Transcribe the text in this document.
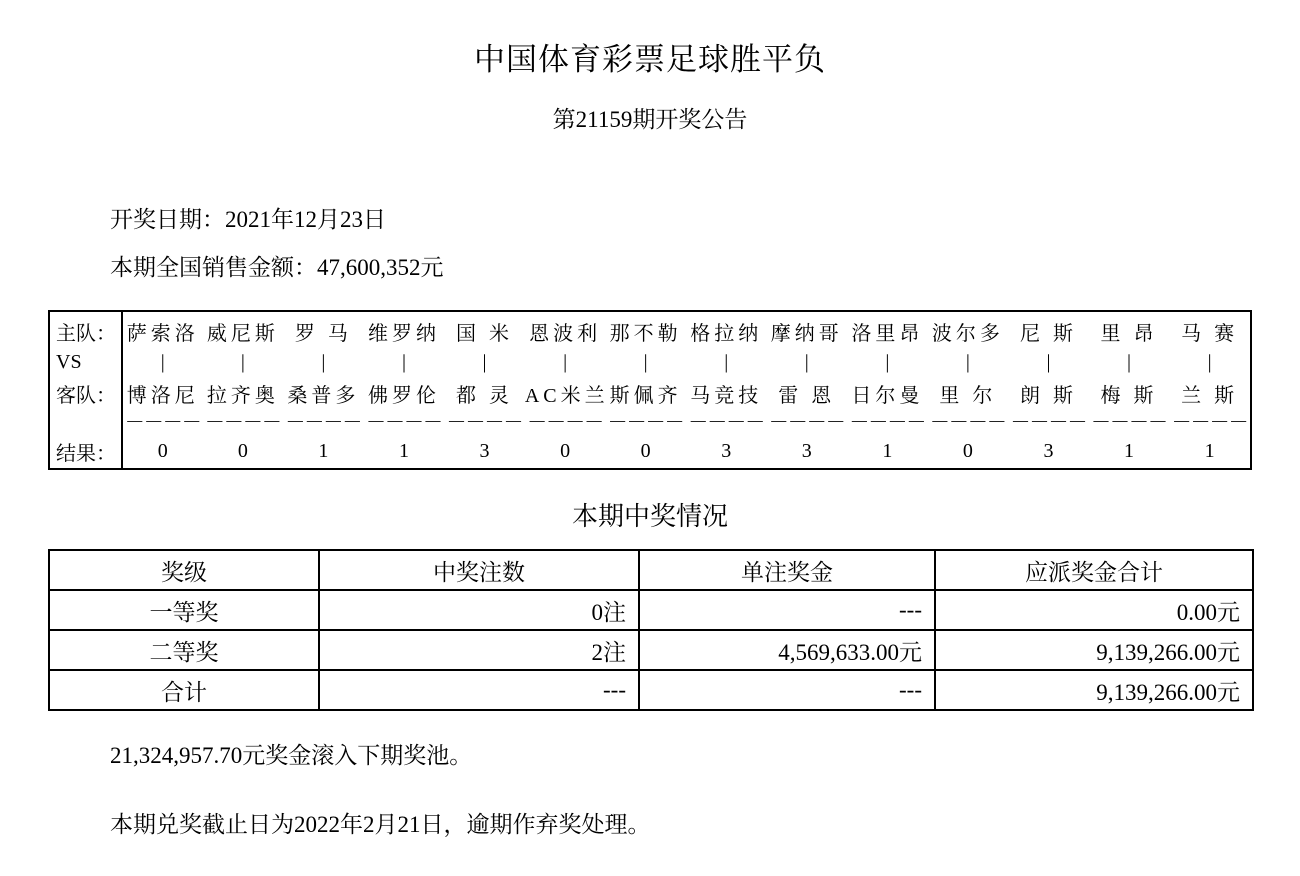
中国体育彩票足球胜平负
第21159期开奖公告
开奖日期：2021年12月23日
本期全国销售金额：47,600,352元
主队：	萨索洛	威尼斯	罗 马	维罗纳	国 米	恩波利	那不勒	格拉纳	摩纳哥	洛里昂	波尔多	尼 斯	里 昂	马 赛
VS	|	|	|	|	|	|	|	|	|	|	|	|	|	|
客队：	博洛尼	拉齐奥	桑普多	佛罗伦	都 灵	AC米兰	斯佩齐	马竞技	雷 恩	日尔曼	里 尔	朗 斯	梅 斯	兰 斯
	－－－－	－－－－	－－－－	－－－－	－－－－	－－－－	－－－－	－－－－	－－－－	－－－－	－－－－	－－－－	－－－－	－－－－
结果：	0	0	1	1	3	0	0	3	3	1	0	3	1	1
本期中奖情况
奖级	中奖注数	单注奖金	应派奖金合计
一等奖	0注	---	0.00元
二等奖	2注	4,569,633.00元	9,139,266.00元
合计	---	---	9,139,266.00元
21,324,957.70元奖金滚入下期奖池。
本期兑奖截止日为2022年2月21日，逾期作弃奖处理。
